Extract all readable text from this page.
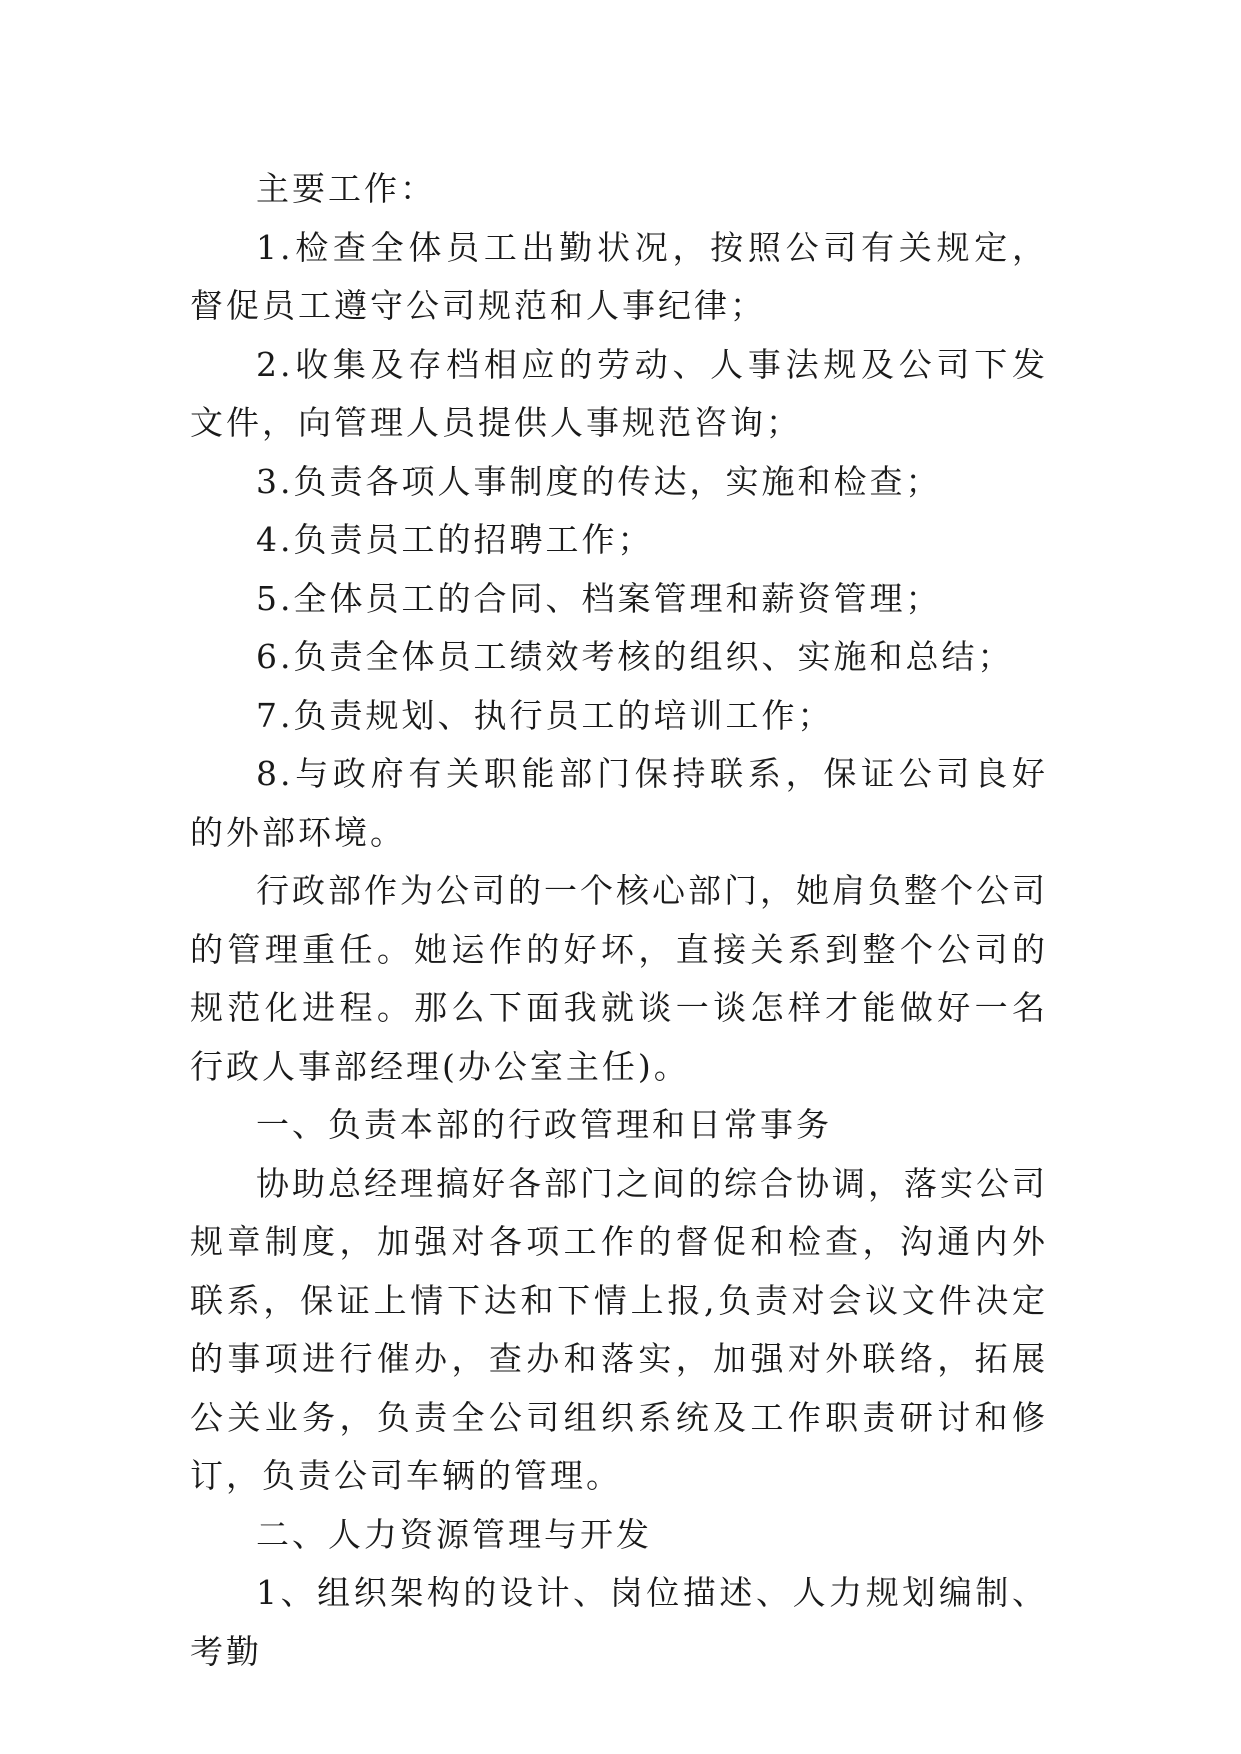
主要工作：

1.检查全体员工出勤状况，按照公司有关规定，督促员工遵守公司规范和人事纪律；

2.收集及存档相应的劳动、人事法规及公司下发文件，向管理人员提供人事规范咨询；

3.负责各项人事制度的传达，实施和检查；

4.负责员工的招聘工作；

5.全体员工的合同、档案管理和薪资管理；

6.负责全体员工绩效考核的组织、实施和总结；

7.负责规划、执行员工的培训工作；

8.与政府有关职能部门保持联系，保证公司良好的外部环境。

行政部作为公司的一个核心部门，她肩负整个公司的管理重任。她运作的好坏，直接关系到整个公司的规范化进程。那么下面我就谈一谈怎样才能做好一名行政人事部经理(办公室主任)。

一、负责本部的行政管理和日常事务

协助总经理搞好各部门之间的综合协调，落实公司规章制度，加强对各项工作的督促和检查，沟通内外联系，保证上情下达和下情上报,负责对会议文件决定的事项进行催办，查办和落实，加强对外联络，拓展公关业务，负责全公司组织系统及工作职责研讨和修订，负责公司车辆的管理。

二、人力资源管理与开发

1、组织架构的设计、岗位描述、人力规划编制、考勤
